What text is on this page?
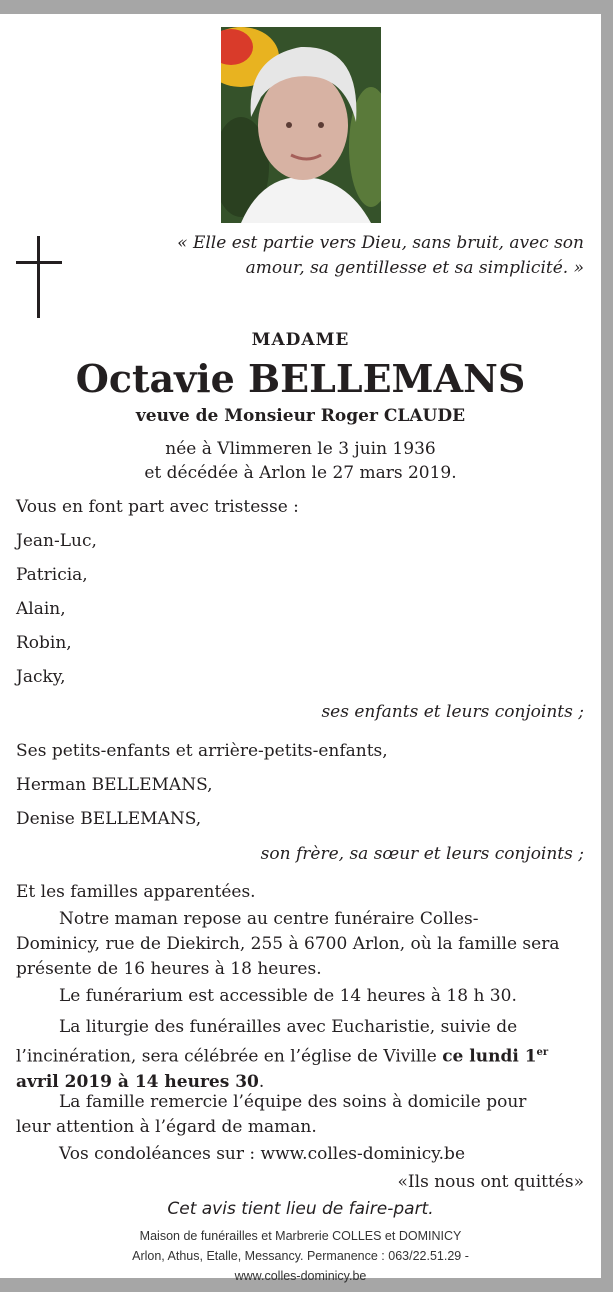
« Elle est partie vers Dieu, sans bruit, avec son amour, sa gentillesse et sa simplicité. »

MADAME

Octavie BELLEMANS

veuve de Monsieur Roger CLAUDE

née à Vlimmeren le 3 juin 1936
et décédée à Arlon le 27 mars 2019.

Vous en font part avec tristesse :

Jean-Luc,

Patricia,

Alain,

Robin,

Jacky,

ses enfants et leurs conjoints ;

Ses petits-enfants et arrière-petits-enfants,

Herman BELLEMANS,

Denise BELLEMANS,

son frère, sa sœur et leurs conjoints ;

Et les familles apparentées.

Notre maman repose au centre funéraire Colles-Dominicy, rue de Diekirch, 255 à 6700 Arlon, où la famille sera présente de 16 heures à 18 heures.

Le funérarium est accessible de 14 heures à 18 h 30.

La liturgie des funérailles avec Eucharistie, suivie de l’incinération, sera célébrée en l’église de Viville ce lundi 1er avril 2019 à 14 heures 30.

La famille remercie l’équipe des soins à domicile pour leur attention à l’égard de maman.

Vos condoléances sur : www.colles-dominicy.be

«Ils nous ont quittés»

Cet avis tient lieu de faire-part.

Maison de funérailles et Marbrerie COLLES et DOMINICY

Arlon, Athus, Etalle, Messancy. Permanence : 063/22.51.29 -

www.colles-dominicy.be
